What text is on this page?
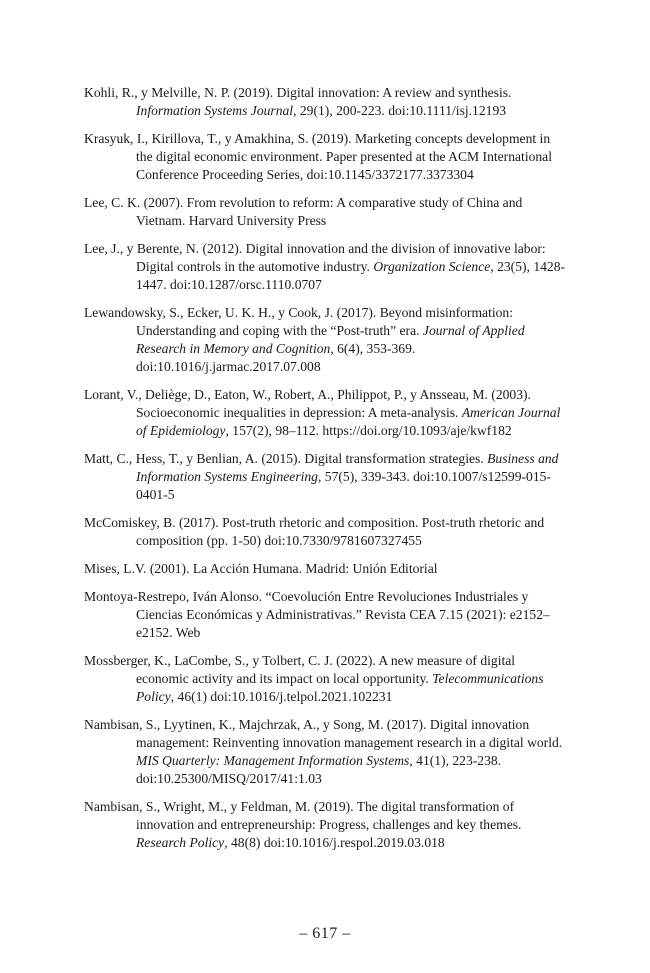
Kohli, R., y Melville, N. P. (2019). Digital innovation: A review and synthesis. Information Systems Journal, 29(1), 200-223. doi:10.1111/isj.12193

Krasyuk, I., Kirillova, T., y Amakhina, S. (2019). Marketing concepts development in the digital economic environment. Paper presented at the ACM International Conference Proceeding Series, doi:10.1145/3372177.3373304

Lee, C. K. (2007). From revolution to reform: A comparative study of China and Vietnam. Harvard University Press

Lee, J., y Berente, N. (2012). Digital innovation and the division of innovative labor: Digital controls in the automotive industry. Organization Science, 23(5), 1428-1447. doi:10.1287/orsc.1110.0707

Lewandowsky, S., Ecker, U. K. H., y Cook, J. (2017). Beyond misinformation: Understanding and coping with the “Post-truth” era. Journal of Applied Research in Memory and Cognition, 6(4), 353-369. doi:10.1016/j.jarmac.2017.07.008

Lorant, V., Deliège, D., Eaton, W., Robert, A., Philippot, P., y Ansseau, M. (2003). Socioeconomic inequalities in depression: A meta-analysis. American Journal of Epidemiology, 157(2), 98–112. https://doi.org/10.1093/aje/kwf182

Matt, C., Hess, T., y Benlian, A. (2015). Digital transformation strategies. Business and Information Systems Engineering, 57(5), 339-343. doi:10.1007/s12599-015-0401-5

McComiskey, B. (2017). Post-truth rhetoric and composition. Post-truth rhetoric and composition (pp. 1-50) doi:10.7330/9781607327455

Mises, L.V. (2001). La Acción Humana. Madrid: Unión Editorial

Montoya-Restrepo, Iván Alonso. “Coevolución Entre Revoluciones Industriales y Ciencias Económicas y Administrativas.” Revista CEA 7.15 (2021): e2152–e2152. Web

Mossberger, K., LaCombe, S., y Tolbert, C. J. (2022). A new measure of digital economic activity and its impact on local opportunity. Telecommunications Policy, 46(1) doi:10.1016/j.telpol.2021.102231

Nambisan, S., Lyytinen, K., Majchrzak, A., y Song, M. (2017). Digital innovation management: Reinventing innovation management research in a digital world. MIS Quarterly: Management Information Systems, 41(1), 223-238. doi:10.25300/MISQ/2017/41:1.03

Nambisan, S., Wright, M., y Feldman, M. (2019). The digital transformation of innovation and entrepreneurship: Progress, challenges and key themes. Research Policy, 48(8) doi:10.1016/j.respol.2019.03.018

– 617 –
